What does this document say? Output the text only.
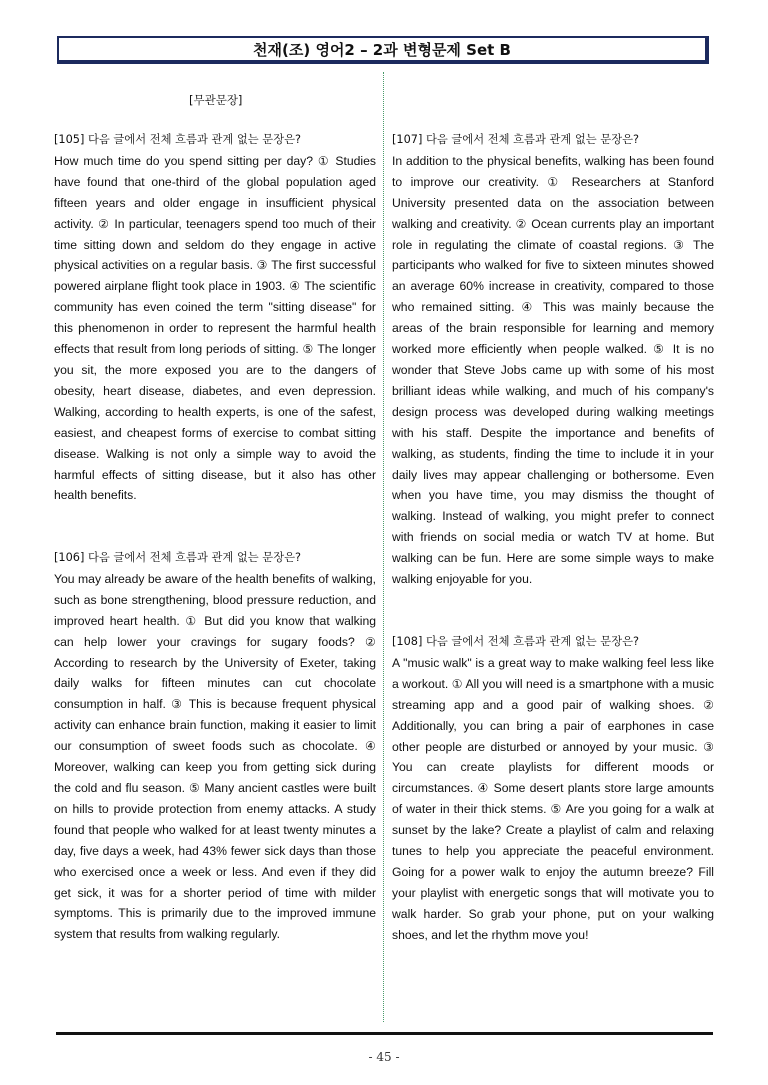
천재(조) 영어2 – 2과 변형문제 Set B
[무관문장]
[105] 다음 글에서 전체 흐름과 관계 없는 문장은?

How much time do you spend sitting per day? ① Studies have found that one-third of the global population aged fifteen years and older engage in insufficient physical activity. ② In particular, teenagers spend too much of their time sitting down and seldom do they engage in active physical activities on a regular basis. ③ The first successful powered airplane flight took place in 1903. ④ The scientific community has even coined the term "sitting disease" for this phenomenon in order to represent the harmful health effects that result from long periods of sitting. ⑤ The longer you sit, the more exposed you are to the dangers of obesity, heart disease, diabetes, and even depression. Walking, according to health experts, is one of the safest, easiest, and cheapest forms of exercise to combat sitting disease. Walking is not only a simple way to avoid the harmful effects of sitting disease, but it also has other health benefits.

[106] 다음 글에서 전체 흐름과 관계 없는 문장은?

You may already be aware of the health benefits of walking, such as bone strengthening, blood pressure reduction, and improved heart health. ① But did you know that walking can help lower your cravings for sugary foods? ② According to research by the University of Exeter, taking daily walks for fifteen minutes can cut chocolate consumption in half. ③ This is because frequent physical activity can enhance brain function, making it easier to limit our consumption of sweet foods such as chocolate. ④ Moreover, walking can keep you from getting sick during the cold and flu season. ⑤ Many ancient castles were built on hills to provide protection from enemy attacks. A study found that people who walked for at least twenty minutes a day, five days a week, had 43% fewer sick days than those who exercised once a week or less. And even if they did get sick, it was for a shorter period of time with milder symptoms. This is primarily due to the improved immune system that results from walking regularly.

[107] 다음 글에서 전체 흐름과 관계 없는 문장은?

In addition to the physical benefits, walking has been found to improve our creativity. ① Researchers at Stanford University presented data on the association between walking and creativity. ② Ocean currents play an important role in regulating the climate of coastal regions. ③ The participants who walked for five to sixteen minutes showed an average 60% increase in creativity, compared to those who remained sitting. ④ This was mainly because the areas of the brain responsible for learning and memory worked more efficiently when people walked. ⑤ It is no wonder that Steve Jobs came up with some of his most brilliant ideas while walking, and much of his company's design process was developed during walking meetings with his staff. Despite the importance and benefits of walking, as students, finding the time to include it in your daily lives may appear challenging or bothersome. Even when you have time, you may dismiss the thought of walking. Instead of walking, you might prefer to connect with friends on social media or watch TV at home. But walking can be fun. Here are some simple ways to make walking enjoyable for you.

[108] 다음 글에서 전체 흐름과 관계 없는 문장은?

A "music walk" is a great way to make walking feel less like a workout. ① All you will need is a smartphone with a music streaming app and a good pair of walking shoes. ② Additionally, you can bring a pair of earphones in case other people are disturbed or annoyed by your music. ③ You can create playlists for different moods or circumstances. ④ Some desert plants store large amounts of water in their thick stems. ⑤ Are you going for a walk at sunset by the lake? Create a playlist of calm and relaxing tunes to help you appreciate the peaceful environment. Going for a power walk to enjoy the autumn breeze? Fill your playlist with energetic songs that will motivate you to walk harder. So grab your phone, put on your walking shoes, and let the rhythm move you!

- 45 -
